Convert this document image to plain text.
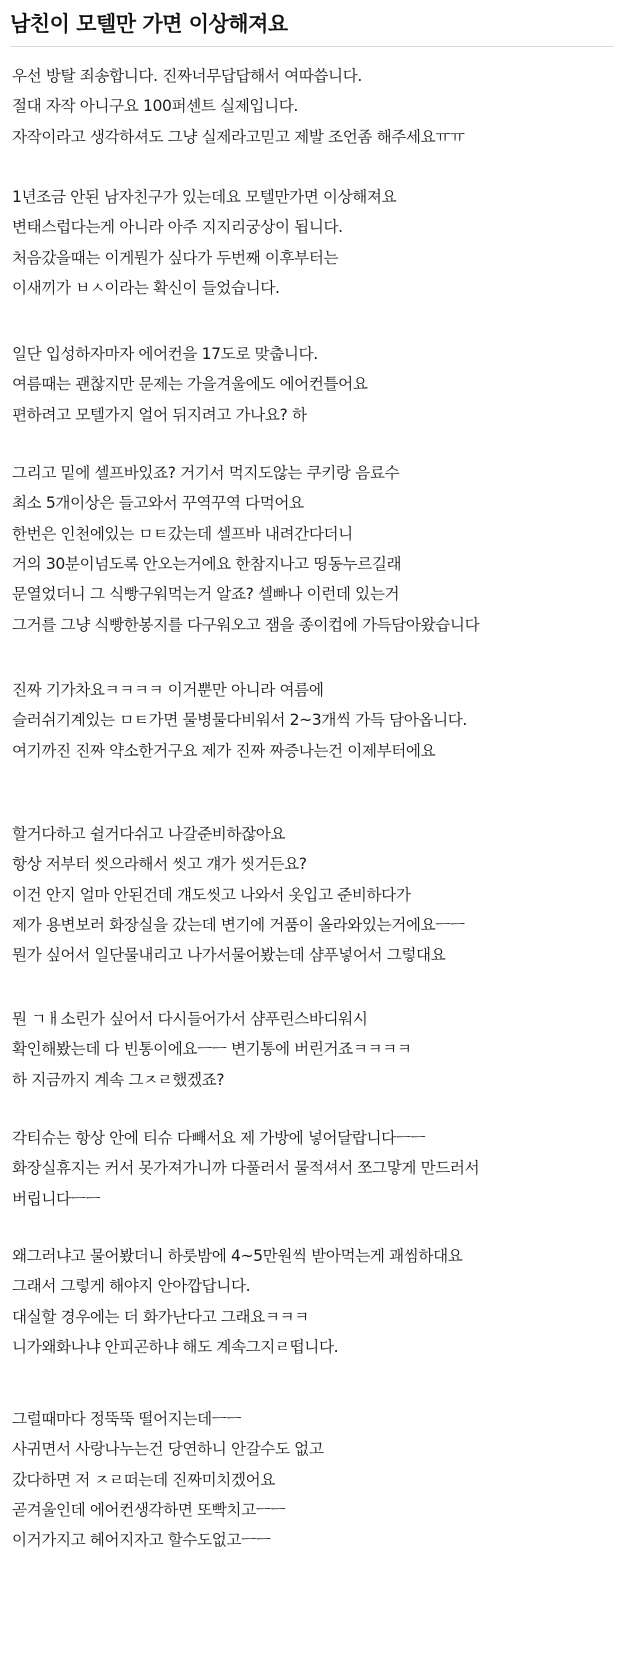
남친이 모텔만 가면 이상해져요
우선 방탈 죄송합니다. 진짜너무답답해서 여따씁니다.
절대 자작 아니구요 100퍼센트 실제입니다.
자작이라고 생각하셔도 그냥 실제라고믿고 제발 조언좀 해주세요ㅠㅠ
1년조금 안된 남자친구가 있는데요 모텔만가면 이상해져요
변태스럽다는게 아니라 아주 지지리궁상이 됩니다.
처음갔을때는 이게뭔가 싶다가 두번째 이후부터는
이새끼가 ㅂㅅ이라는 확신이 들었습니다.
일단 입성하자마자 에어컨을 17도로 맞춥니다.
여름때는 괜찮지만 문제는 가을겨울에도 에어컨틀어요
편하려고 모텔가지 얼어 뒤지려고 가나요? 하
그리고 밑에 셀프바있죠? 거기서 먹지도않는 쿠키랑 음료수
최소 5개이상은 들고와서 꾸역꾸역 다먹어요
한번은 인천에있는 ㅁㅌ갔는데 셀프바 내려간다더니
거의 30분이넘도록 안오는거에요 한참지나고 띵동누르길래
문열었더니 그 식빵구워먹는거 알죠? 셀빠나 이런데 있는거
그거를 그냥 식빵한봉지를 다구워오고 잼을 종이컵에 가득담아왔습니다
진짜 기가차요ㅋㅋㅋㅋ 이거뿐만 아니라 여름에
슬러쉬기계있는 ㅁㅌ가면 물병물다비워서 2~3개씩 가득 담아옵니다.
여기까진 진짜 약소한거구요 제가 진짜 짜증나는건 이제부터에요
할거다하고 쉴거다쉬고 나갈준비하잖아요
항상 저부터 씻으라해서 씻고 걔가 씻거든요?
이건 안지 얼마 안된건데 걔도씻고 나와서 옷입고 준비하다가
제가 용변보러 화장실을 갔는데 변기에 거품이 올라와있는거에요ㅡㅡ
뭔가 싶어서 일단물내리고 나가서물어봤는데 샴푸넣어서 그렇대요
뭔 ㄱㅐ소린가 싶어서 다시들어가서 샴푸린스바디워시
확인해봤는데 다 빈통이에요ㅡㅡ 변기통에 버린거죠ㅋㅋㅋㅋ
하 지금까지 계속 그ㅈㄹ했겠죠?
각티슈는 항상 안에 티슈 다빼서요 제 가방에 넣어달랍니다ㅡㅡ
화장실휴지는 커서 못가져가니까 다풀러서 물적셔서 쪼그맣게 만드러서
버립니다ㅡㅡ
왜그러냐고 물어봤더니 하룻밤에 4~5만원씩 받아먹는게 괘씸하대요
그래서 그렇게 해야지 안아깝답니다.
대실할 경우에는 더 화가난다고 그래요ㅋㅋㅋ
니가왜화나냐 안피곤하냐 해도 계속그지ㄹ떱니다.
그럴때마다 정뚝뚝 떨어지는데ㅡㅡ
사귀면서 사랑나누는건 당연하니 안갈수도 없고
갔다하면 저 ㅈㄹ떠는데 진짜미치겠어요
곧겨울인데 에어컨생각하면 또빡치고ㅡㅡ
이거가지고 헤어지자고 할수도없고ㅡㅡ
